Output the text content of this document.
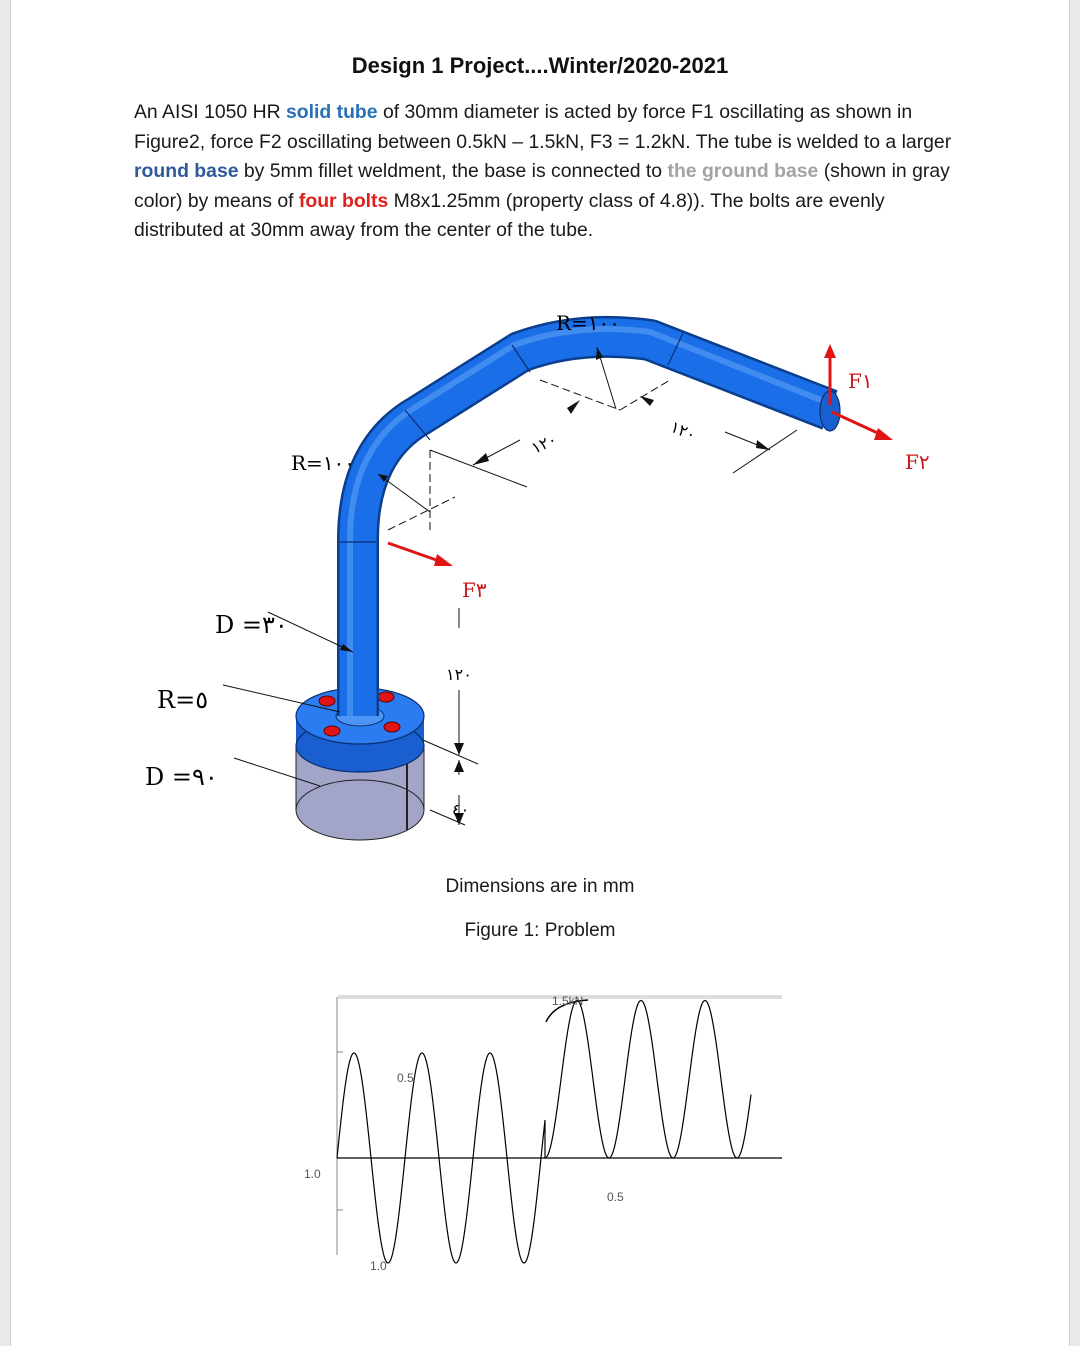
Design 1 Project....Winter/2020-2021
An AISI 1050 HR solid tube of 30mm diameter is acted by force F1 oscillating as shown in Figure2, force F2 oscillating between 0.5kN – 1.5kN, F3 = 1.2kN. The tube is welded to a larger round base by 5mm fillet weldment, the base is connected to the ground base (shown in gray color) by means of four bolts M8x1.25mm (property class of 4.8)). The bolts are evenly distributed at 30mm away from the center of the tube.
R=۱۰۰
R=۱۰۰
F۱
F۲
F۳
D =۳۰
R=٥
D =۹۰
۱۲۰	۱۲۰
۱۲۰
٤۰
Dimensions are in mm
Figure 1: Problem
1.5kN
0.5
1.0
0.5
1.0
